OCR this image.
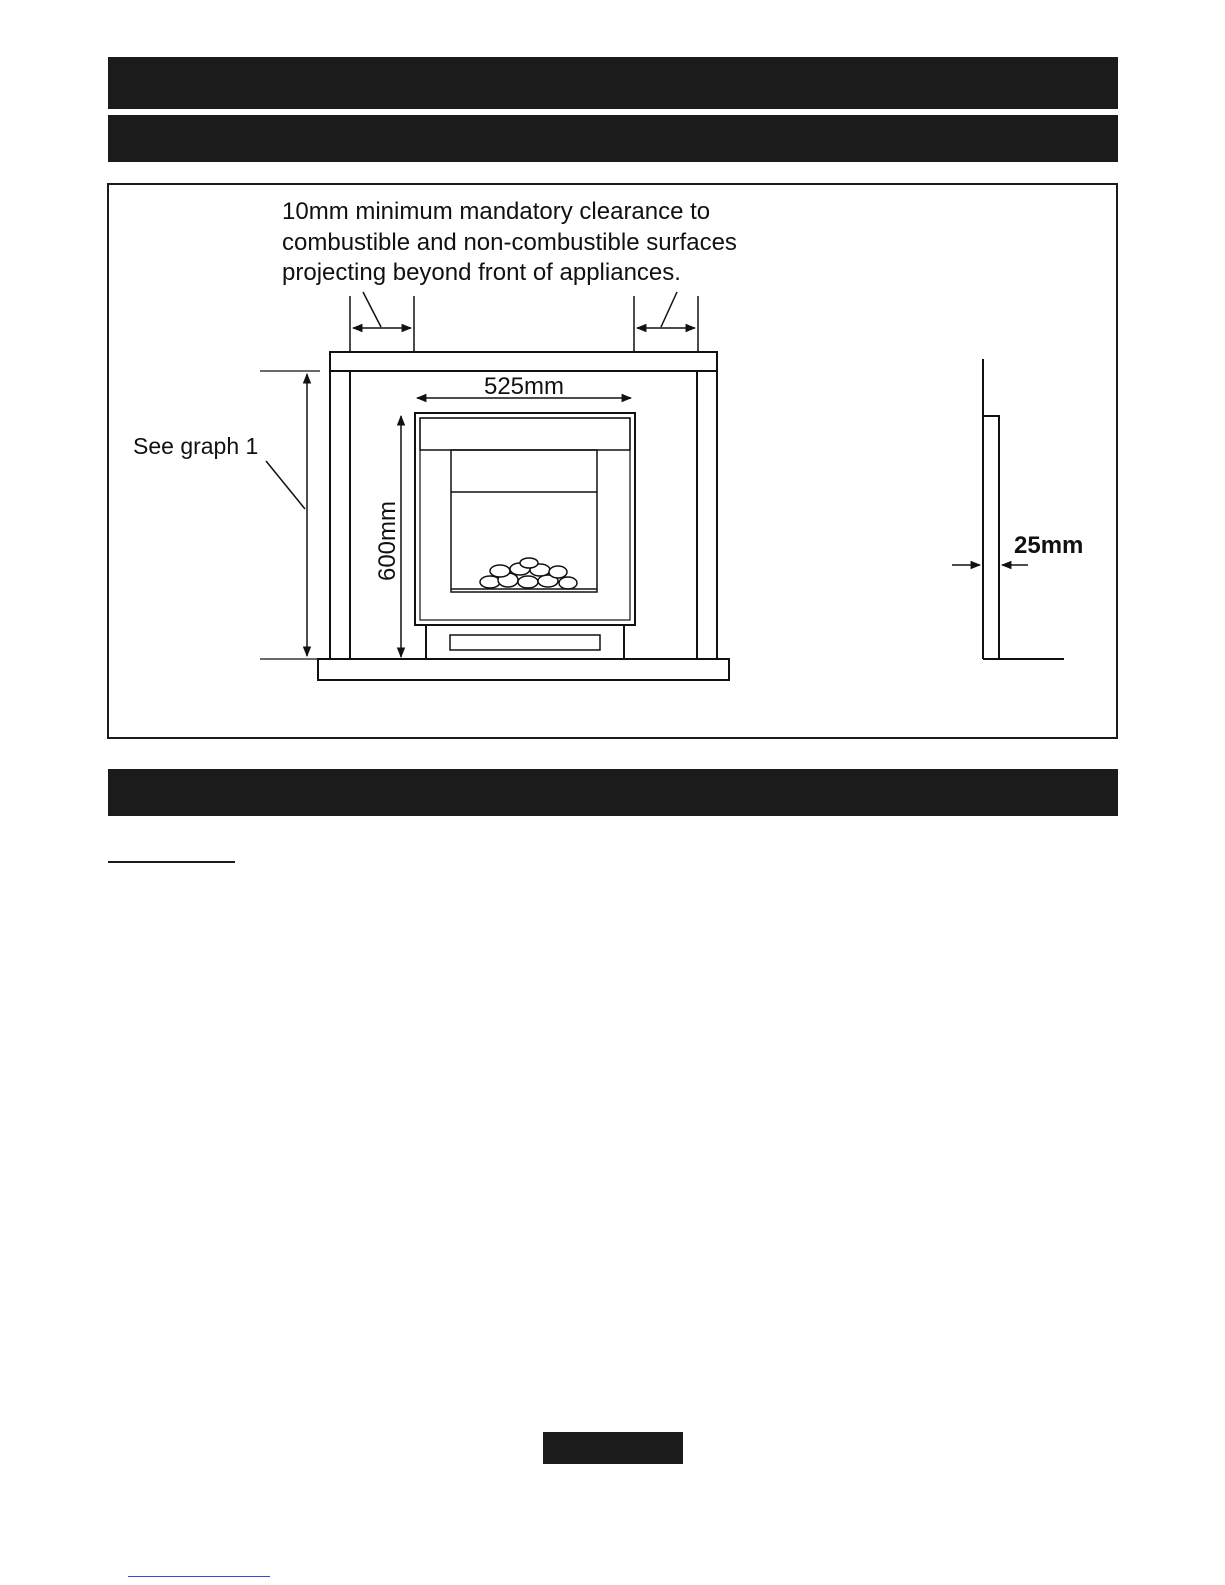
10mm minimum mandatory clearance to
combustible and non-combustible surfaces
projecting beyond front of appliances.
525mm
600mm
See graph 1
25mm
